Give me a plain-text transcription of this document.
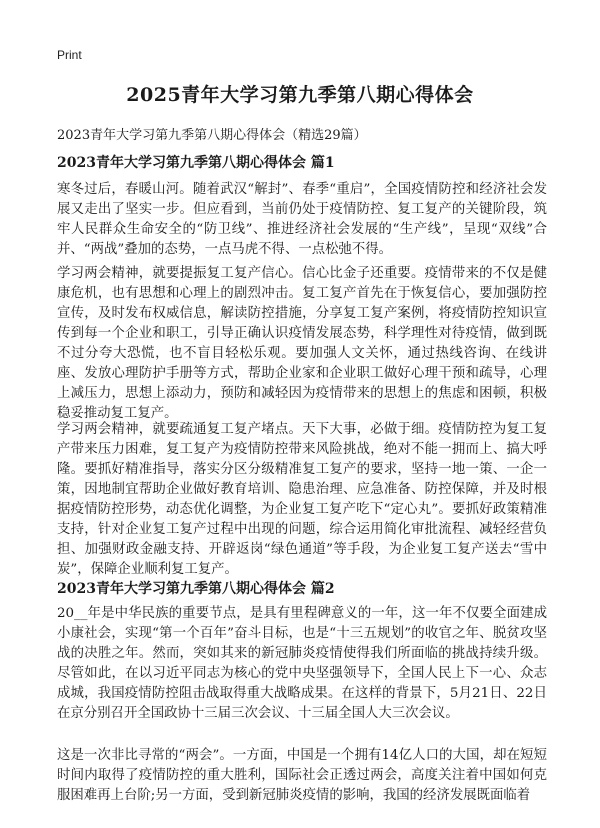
Print
2025青年大学习第九季第八期心得体会
2023青年大学习第九季第八期心得体会（精选29篇）
2023青年大学习第九季第八期心得体会 篇1
寒冬过后，春暖山河。随着武汉“解封”、春季“重启”，全国疫情防控和经济社会发展又走出了坚实一步。但应看到，当前仍处于疫情防控、复工复产的关键阶段，筑牢人民群众生命安全的“防卫线”、推进经济社会发展的“生产线”，呈现“双线”合并、“两战”叠加的态势，一点马虎不得、一点松弛不得。
学习两会精神，就要提振复工复产信心。信心比金子还重要。疫情带来的不仅是健康危机，也有思想和心理上的剧烈冲击。复工复产首先在于恢复信心，要加强防控宣传，及时发布权威信息，解读防控措施，分享复工复产案例，将疫情防控知识宣传到每一个企业和职工，引导正确认识疫情发展态势，科学理性对待疫情，做到既不过分夸大恐慌，也不盲目轻松乐观。要加强人文关怀，通过热线咨询、在线讲座、发放心理防护手册等方式，帮助企业家和企业职工做好心理干预和疏导，心理上减压力，思想上添动力，预防和减轻因为疫情带来的思想上的焦虑和困顿，积极稳妥推动复工复产。
学习两会精神，就要疏通复工复产堵点。天下大事，必做于细。疫情防控为复工复产带来压力困难，复工复产为疫情防控带来风险挑战，绝对不能一拥而上、搞大呼隆。要抓好精准指导，落实分区分级精准复工复产的要求，坚持一地一策、一企一策，因地制宜帮助企业做好教育培训、隐患治理、应急准备、防控保障，并及时根据疫情防控形势，动态优化调整，为企业复工复产吃下“定心丸”。要抓好政策精准支持，针对企业复工复产过程中出现的问题，综合运用简化审批流程、减轻经营负担、加强财政金融支持、开辟返岗“绿色通道”等手段，为企业复工复产送去“雪中炭”，保障企业顺利复工复产。
2023青年大学习第九季第八期心得体会 篇2
20__年是中华民族的重要节点，是具有里程碑意义的一年，这一年不仅要全面建成小康社会，实现“第一个百年”奋斗目标，也是“十三五规划”的收官之年、脱贫攻坚战的决胜之年。然而，突如其来的新冠肺炎疫情使得我们所面临的挑战持续升级。尽管如此，在以习近平同志为核心的党中央坚强领导下，全国人民上下一心、众志成城，我国疫情防控阻击战取得重大战略成果。在这样的背景下，5月21日、22日在京分别召开全国政协十三届三次会议、十三届全国人大三次会议。
这是一次非比寻常的“两会”。一方面，中国是一个拥有14亿人口的大国，却在短短时间内取得了疫情防控的重大胜利，国际社会正透过两会，高度关注着中国如何克服困难再上台阶;另一方面，受到新冠肺炎疫情的影响，我国的经济发展既面临着
